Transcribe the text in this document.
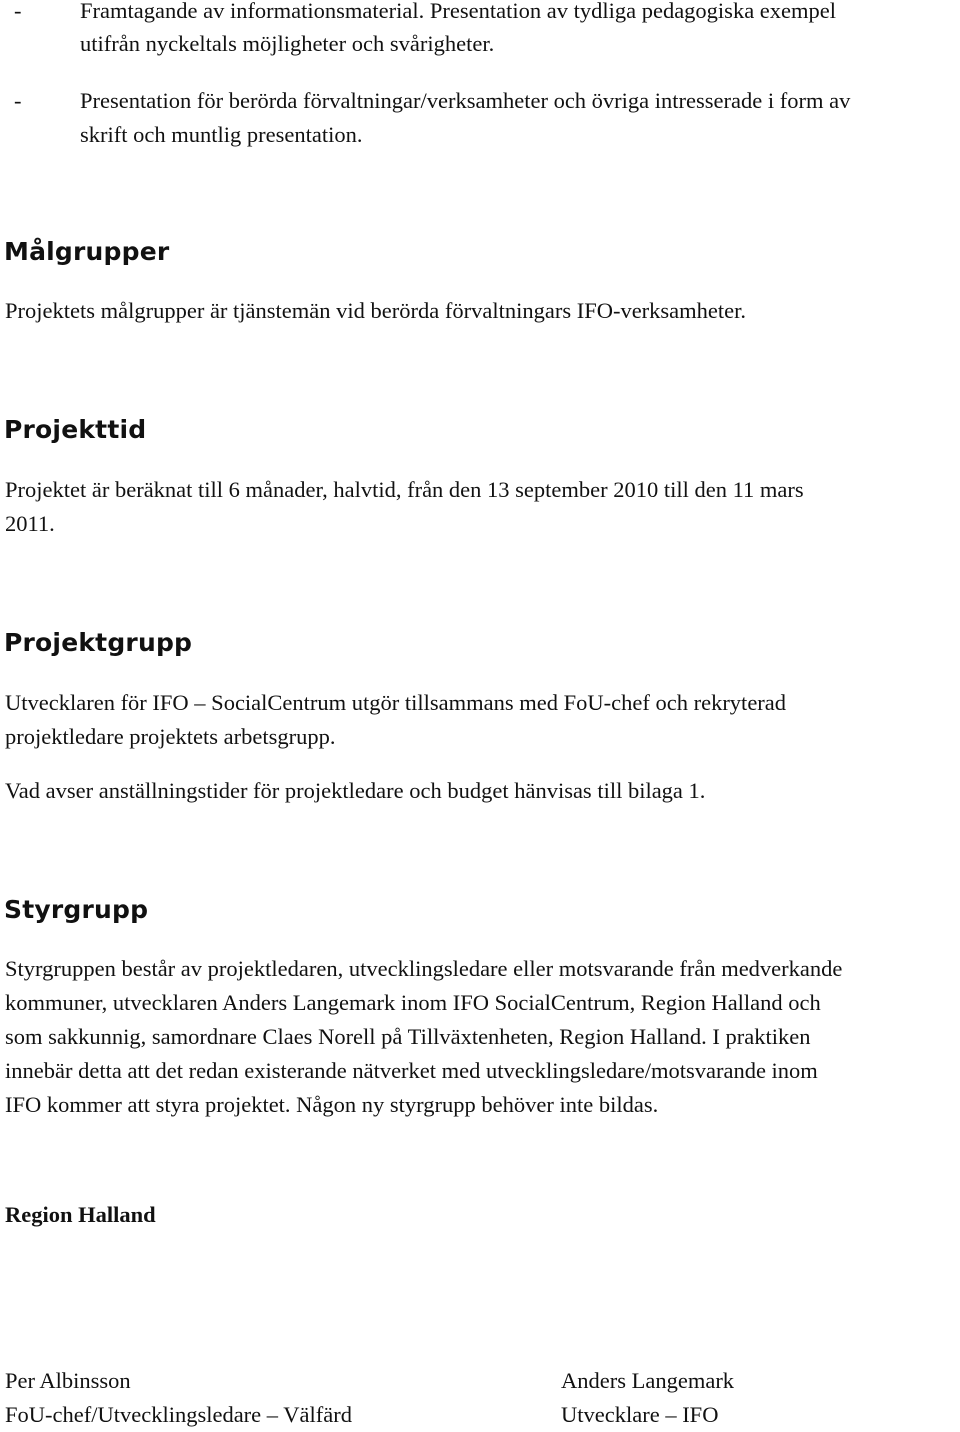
-	Framtagande av informationsmaterial. Presentation av tydliga pedagogiska exempel
utifrån nyckeltals möjligheter och svårigheter.
-	Presentation för berörda förvaltningar/verksamheter och övriga intresserade i form av
skrift och muntlig presentation.
Målgrupper
Projektets målgrupper är tjänstemän vid berörda förvaltningars IFO-verksamheter.
Projekttid
Projektet är beräknat till 6 månader, halvtid, från den 13 september 2010 till den 11 mars
2011.
Projektgrupp
Utvecklaren för IFO – SocialCentrum utgör tillsammans med FoU-chef och rekryterad
projektledare projektets arbetsgrupp.
Vad avser anställningstider för projektledare och budget hänvisas till bilaga 1.
Styrgrupp
Styrgruppen består av projektledaren, utvecklingsledare eller motsvarande från medverkande
kommuner, utvecklaren Anders Langemark inom IFO SocialCentrum, Region Halland och
som sakkunnig, samordnare Claes Norell på Tillväxtenheten, Region Halland. I praktiken
innebär detta att det redan existerande nätverket med utvecklingsledare/motsvarande inom
IFO kommer att styra projektet. Någon ny styrgrupp behöver inte bildas.
Region Halland
Per Albinsson
FoU-chef/Utvecklingsledare – Välfärd
Anders Langemark
Utvecklare – IFO
